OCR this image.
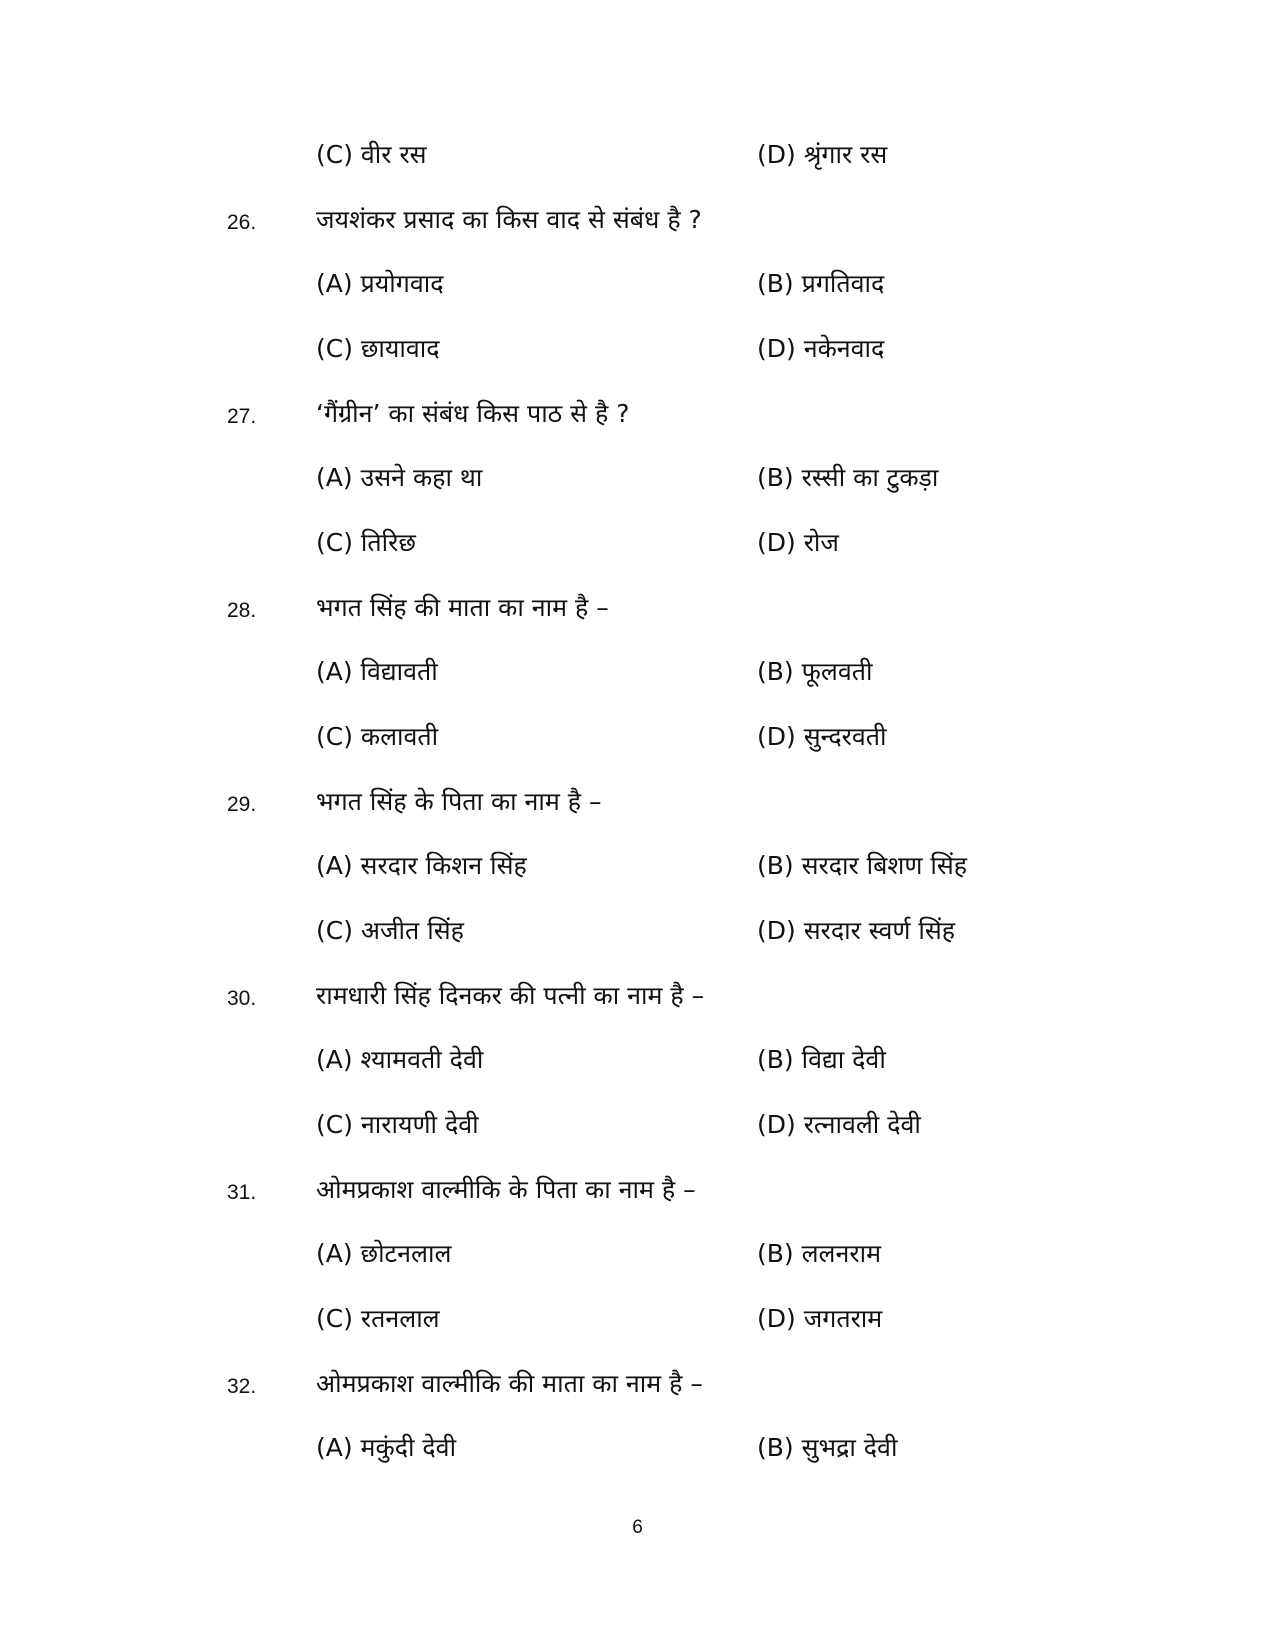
(C) वीर रस	(D) श्रृंगार रस
26. जयशंकर प्रसाद का किस वाद से संबंध है ?
(A) प्रयोगवाद	(B) प्रगतिवाद
(C) छायावाद	(D) नकेनवाद
27. ‘गैंग्रीन’ का संबंध किस पाठ से है ?
(A) उसने कहा था	(B) रस्सी का टुकड़ा
(C) तिरिछ	(D) रोज
28. भगत सिंह की माता का नाम है –
(A) विद्यावती	(B) फूलवती
(C) कलावती	(D) सुन्दरवती
29. भगत सिंह के पिता का नाम है –
(A) सरदार किशन सिंह	(B) सरदार बिशण सिंह
(C) अजीत सिंह	(D) सरदार स्वर्ण सिंह
30. रामधारी सिंह दिनकर की पत्नी का नाम है –
(A) श्यामवती देवी	(B) विद्या देवी
(C) नारायणी देवी	(D) रत्नावली देवी
31. ओमप्रकाश वाल्मीकि के पिता का नाम है –
(A) छोटनलाल	(B) ललनराम
(C) रतनलाल	(D) जगतराम
32. ओमप्रकाश वाल्मीकि की माता का नाम है –
(A) मकुंदी देवी	(B) सुभद्रा देवी
6
